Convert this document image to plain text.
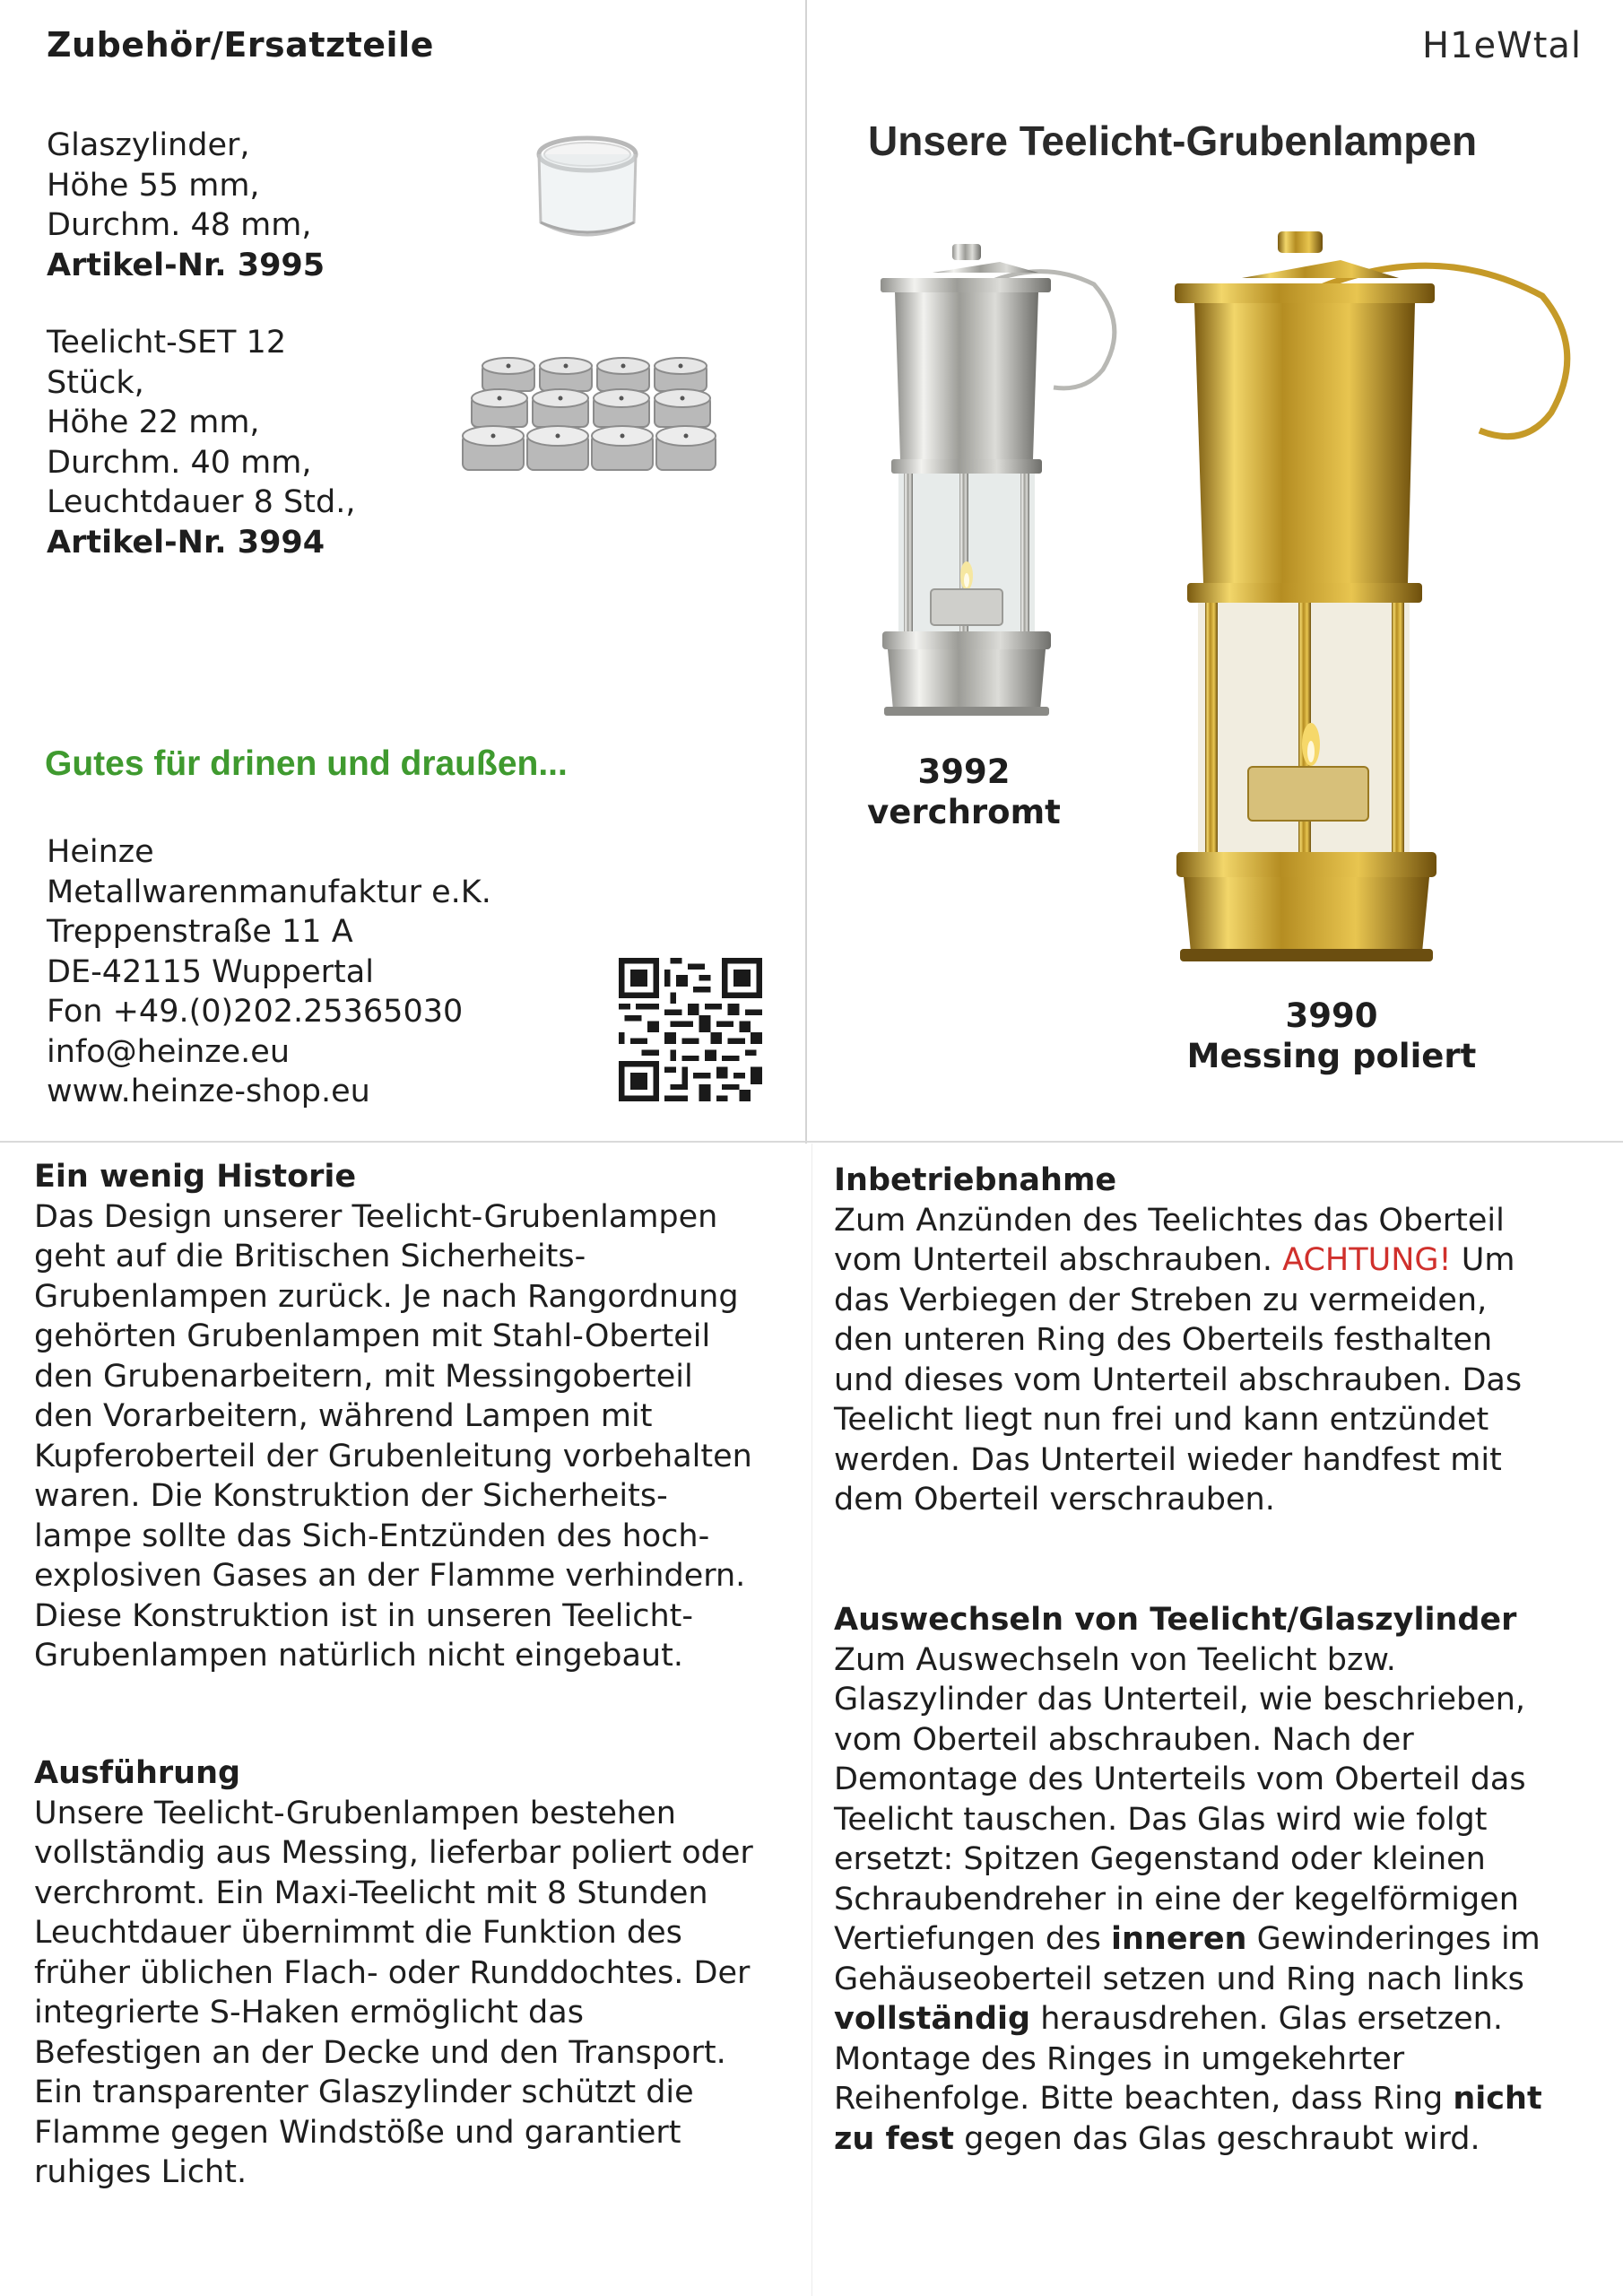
Zubehör/Ersatzteile
Glaszylinder,
Höhe 55 mm,
Durchm. 48 mm,
Artikel-Nr. 3995
Teelicht-SET 12
Stück,
Höhe 22 mm,
Durchm. 40 mm,
Leuchtdauer 8 Std.,
Artikel-Nr. 3994
Gutes für drinen und draußen...
Heinze
Metallwarenmanufaktur e.K.
Treppenstraße 11 A
DE-42115 Wuppertal
Fon +49.(0)202.25365030
info@heinze.eu
www.heinze-shop.eu
H1eWtal
Unsere Teelicht-Grubenlampen
3992
verchromt
3990
Messing poliert
Ein wenig Historie
Das Design unserer Teelicht-Grubenlampen
geht auf die Britischen Sicherheits-
Grubenlampen zurück. Je nach Rangordnung
gehörten Grubenlampen mit Stahl-Oberteil
den Grubenarbeitern, mit Messingoberteil
den Vorarbeitern, während Lampen mit
Kupferoberteil der Grubenleitung vorbehalten
waren. Die Konstruktion der Sicherheits-
lampe sollte das Sich-Entzünden des hoch-
explosiven Gases an der Flamme verhindern.
Diese Konstruktion ist in unseren Teelicht-
Grubenlampen natürlich nicht eingebaut.
Ausführung
Unsere Teelicht-Grubenlampen bestehen
vollständig aus Messing, lieferbar poliert oder
verchromt. Ein Maxi-Teelicht mit 8 Stunden
Leuchtdauer übernimmt die Funktion des
früher üblichen Flach- oder Runddochtes. Der
integrierte S-Haken ermöglicht das
Befestigen an der Decke und den Transport.
Ein transparenter Glaszylinder schützt die
Flamme gegen Windstöße und garantiert
ruhiges Licht.
Inbetriebnahme
Zum Anzünden des Teelichtes das Oberteil
vom Unterteil abschrauben. ACHTUNG! Um
das Verbiegen der Streben zu vermeiden,
den unteren Ring des Oberteils festhalten
und dieses vom Unterteil abschrauben. Das
Teelicht liegt nun frei und kann entzündet
werden. Das Unterteil wieder handfest mit
dem Oberteil verschrauben.
Auswechseln von Teelicht/Glaszylinder
Zum Auswechseln von Teelicht bzw.
Glaszylinder das Unterteil, wie beschrieben,
vom Oberteil abschrauben. Nach der
Demontage des Unterteils vom Oberteil das
Teelicht tauschen. Das Glas wird wie folgt
ersetzt: Spitzen Gegenstand oder kleinen
Schraubendreher in eine der kegelförmigen
Vertiefungen des inneren Gewinderinges im
Gehäuseoberteil setzen und Ring nach links
vollständig herausdrehen. Glas ersetzen.
Montage des Ringes in umgekehrter
Reihenfolge. Bitte beachten, dass Ring nicht
zu fest gegen das Glas geschraubt wird.
